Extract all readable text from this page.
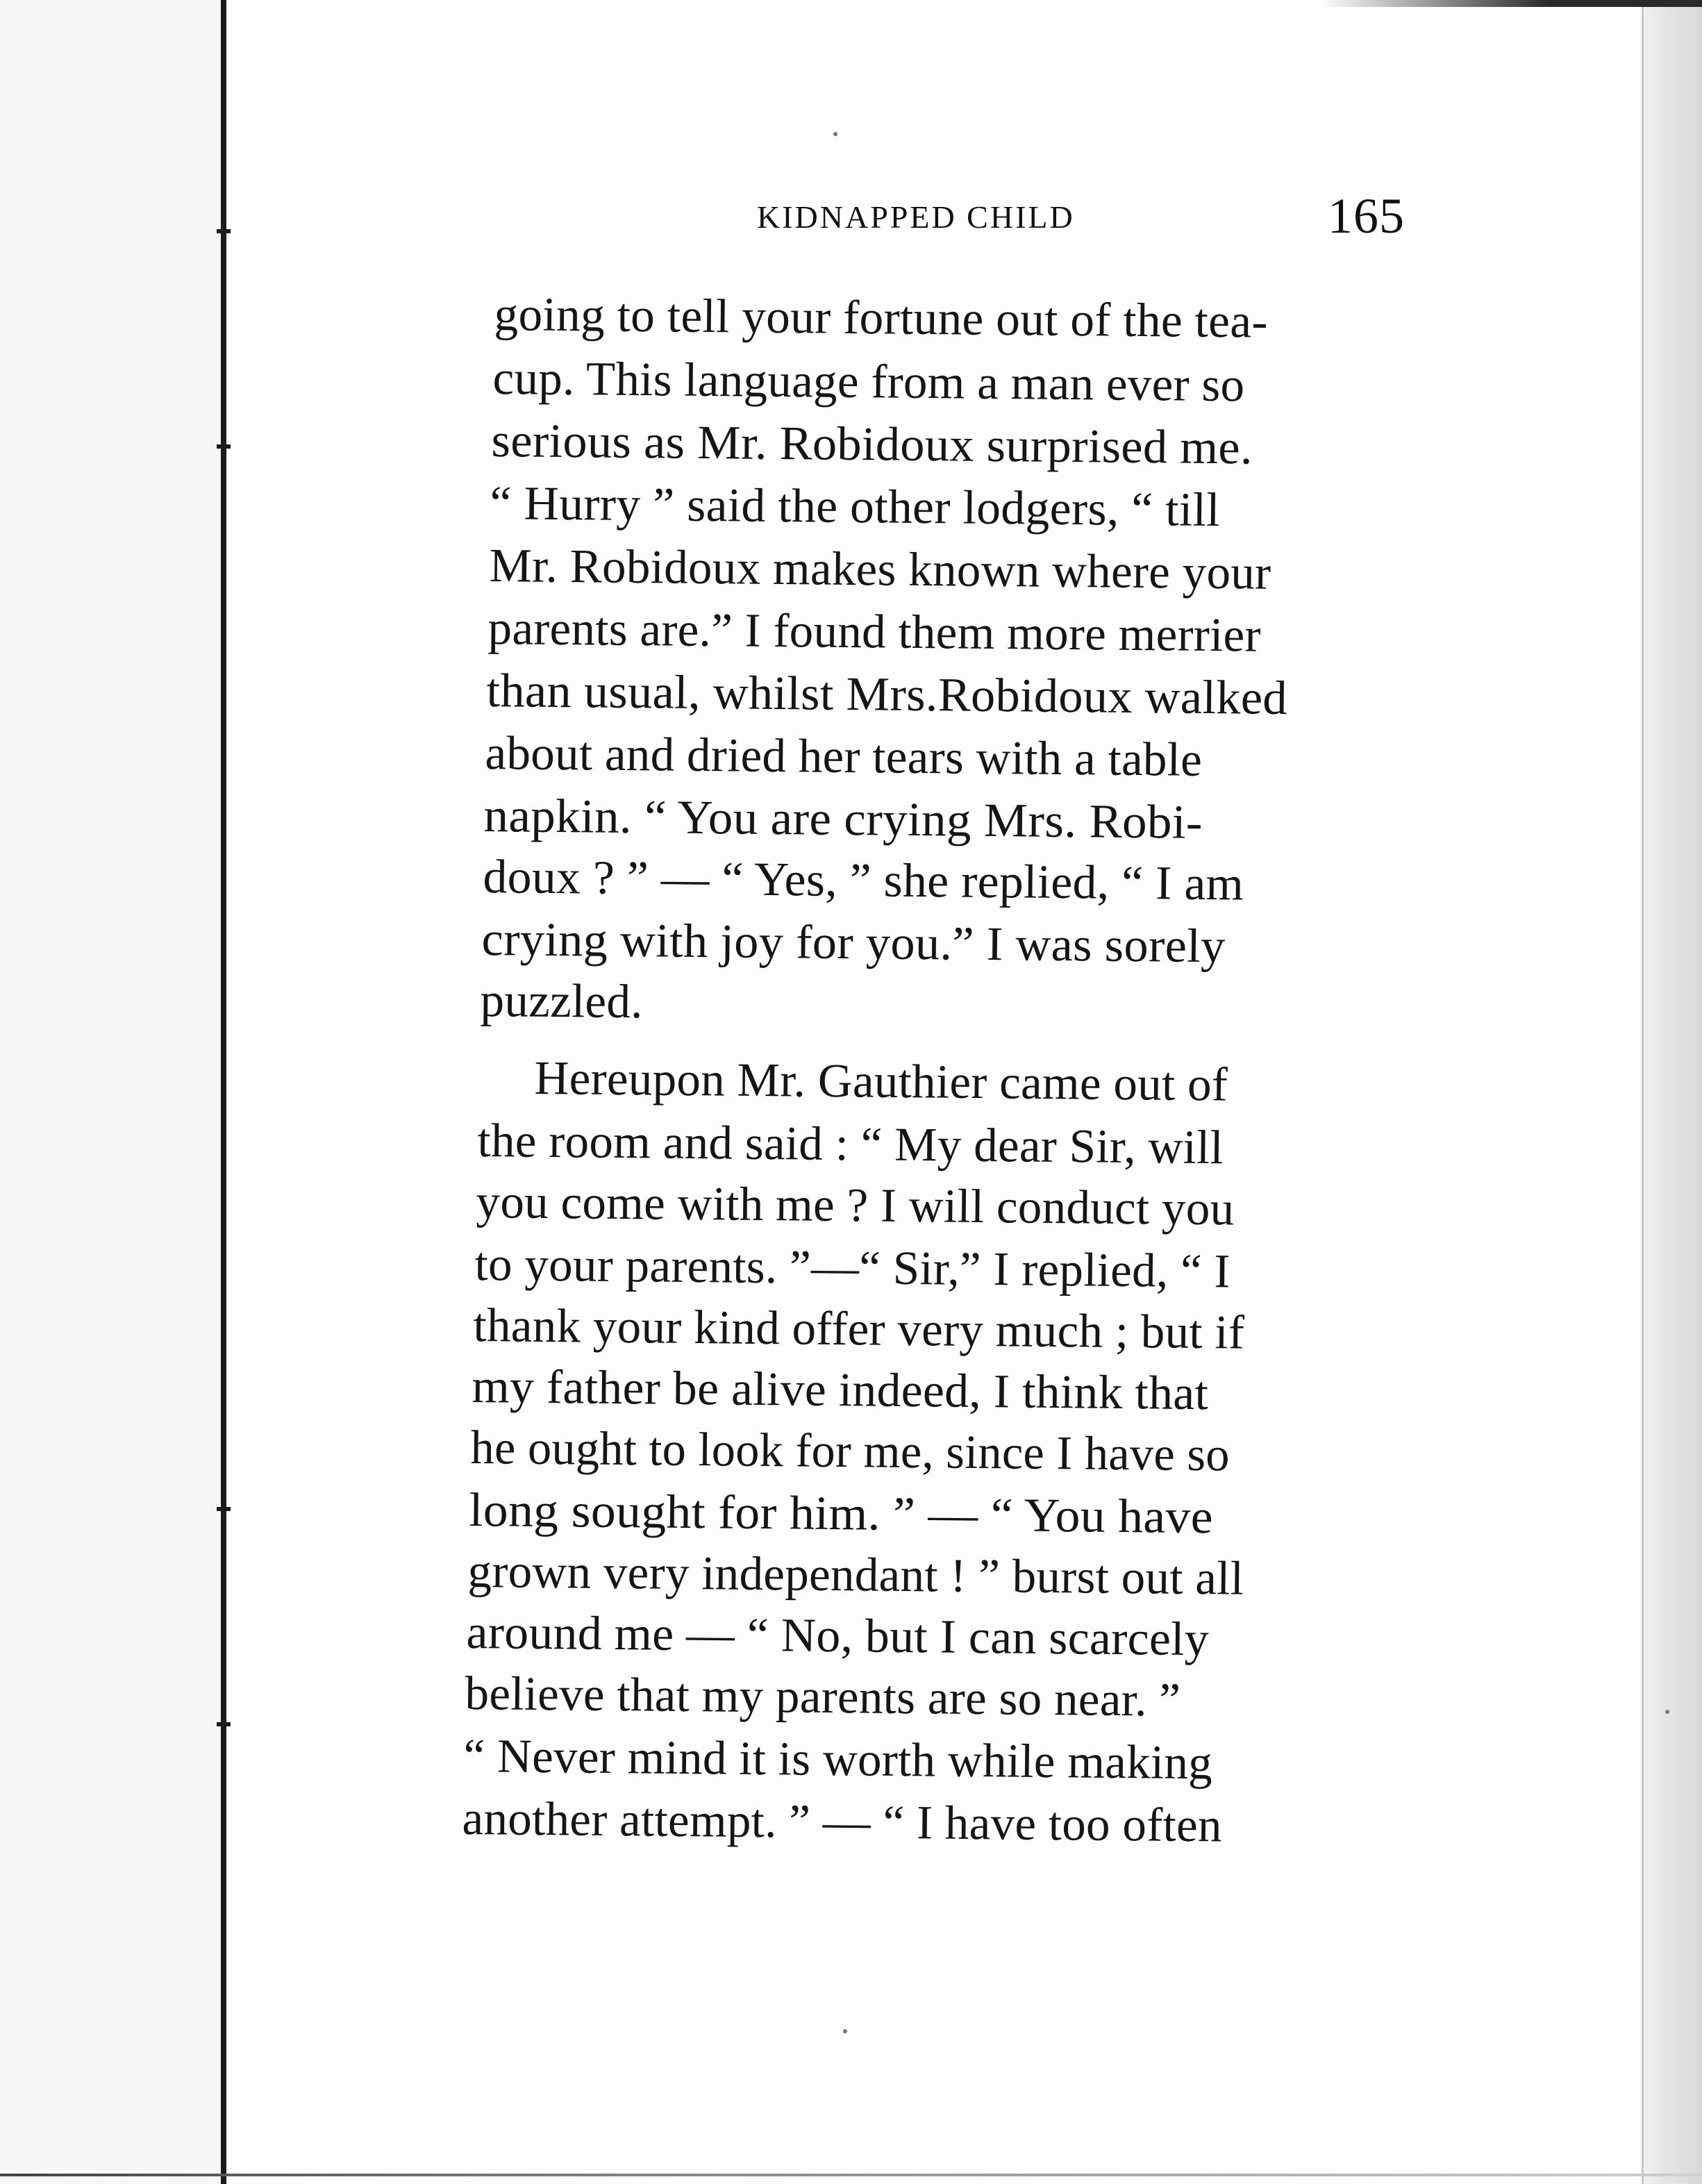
KIDNAPPED CHILD	165
going to tell your fortune out of the tea-
cup. This language from a man ever so
serious as Mr. Robidoux surprised me.
“ Hurry ” said the other lodgers, “ till
Mr. Robidoux makes known where your
parents are.” I found them more merrier
than usual, whilst Mrs.Robidoux walked
about and dried her tears with a table
napkin. “ You are crying Mrs. Robi-
doux ? ” — “ Yes, ” she replied, “ I am
crying with joy for you.” I was sorely
puzzled.
Hereupon Mr. Gauthier came out of
the room and said : “ My dear Sir, will
you come with me ? I will conduct you
to your parents. ”—“ Sir,” I replied, “ I
thank your kind offer very much ; but if
my father be alive indeed, I think that
he ought to look for me, since I have so
long sought for him. ” — “ You have
grown very independant ! ” burst out all
around me — “ No, but I can scarcely
believe that my parents are so near. ”
“ Never mind it is worth while making
another attempt. ” — “ I have too often
